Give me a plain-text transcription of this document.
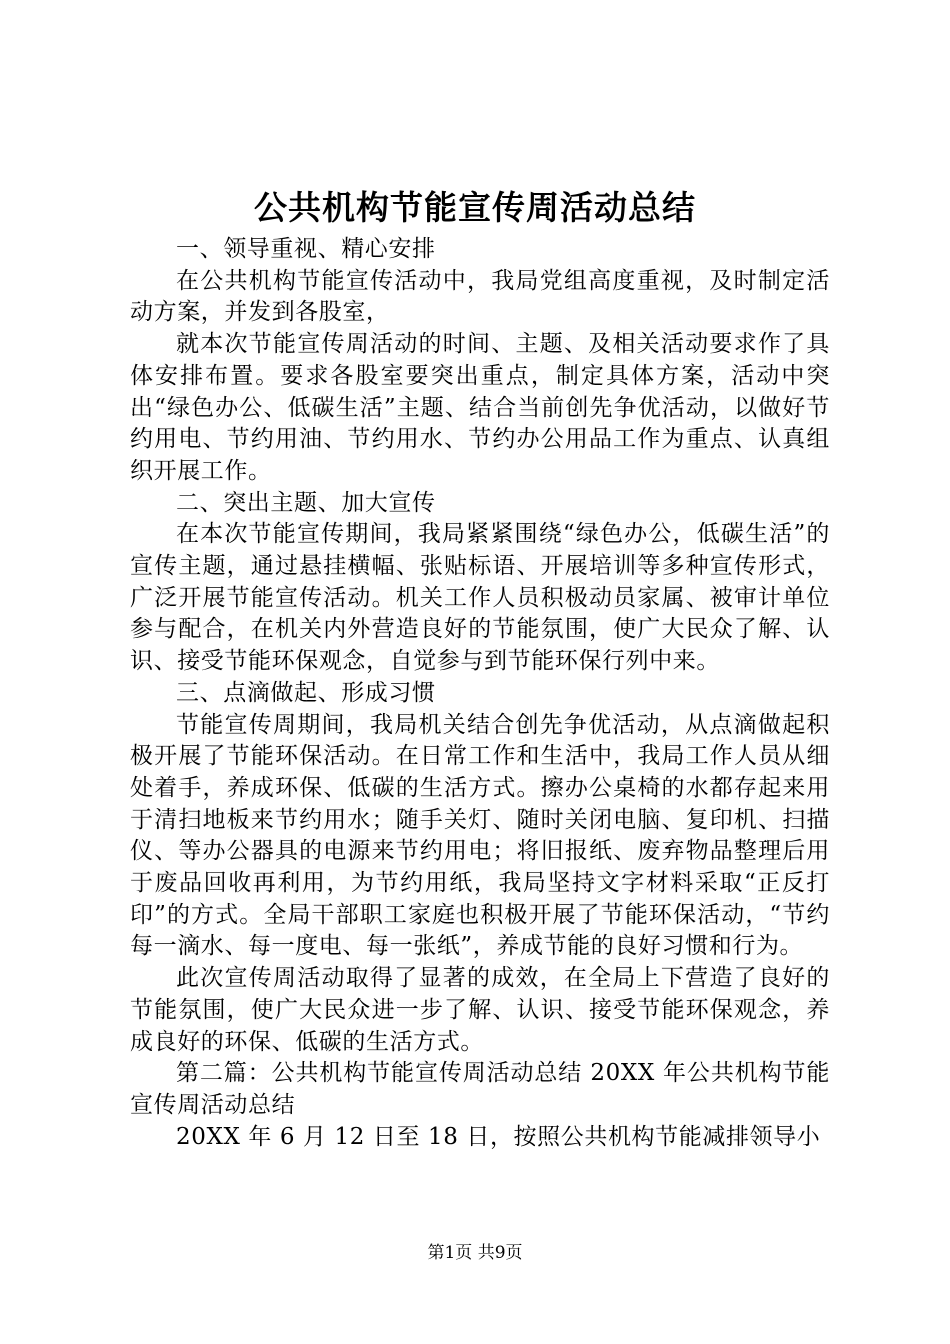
公共机构节能宣传周活动总结

一、领导重视、精心安排

在公共机构节能宣传活动中，我局党组高度重视，及时制定活动方案，并发到各股室，

就本次节能宣传周活动的时间、主题、及相关活动要求作了具体安排布置。要求各股室要突出重点，制定具体方案，活动中突出“绿色办公、低碳生活”主题、结合当前创先争优活动，以做好节约用电、节约用油、节约用水、节约办公用品工作为重点、认真组织开展工作。

二、突出主题、加大宣传

在本次节能宣传期间，我局紧紧围绕“绿色办公，低碳生活”的宣传主题，通过悬挂横幅、张贴标语、开展培训等多种宣传形式，广泛开展节能宣传活动。机关工作人员积极动员家属、被审计单位参与配合，在机关内外营造良好的节能氛围，使广大民众了解、认识、接受节能环保观念，自觉参与到节能环保行列中来。

三、点滴做起、形成习惯

节能宣传周期间，我局机关结合创先争优活动，从点滴做起积极开展了节能环保活动。在日常工作和生活中，我局工作人员从细处着手，养成环保、低碳的生活方式。擦办公桌椅的水都存起来用于清扫地板来节约用水；随手关灯、随时关闭电脑、复印机、扫描仪、等办公器具的电源来节约用电；将旧报纸、废弃物品整理后用于废品回收再利用，为节约用纸，我局坚持文字材料采取“正反打印”的方式。全局干部职工家庭也积极开展了节能环保活动，“节约每一滴水、每一度电、每一张纸”，养成节能的良好习惯和行为。

此次宣传周活动取得了显著的成效，在全局上下营造了良好的节能氛围，使广大民众进一步了解、认识、接受节能环保观念，养成良好的环保、低碳的生活方式。

第二篇：公共机构节能宣传周活动总结 20XX 年公共机构节能宣传周活动总结

20XX 年 6 月 12 日至 18 日，按照公共机构节能减排领导小

第1页 共9页
